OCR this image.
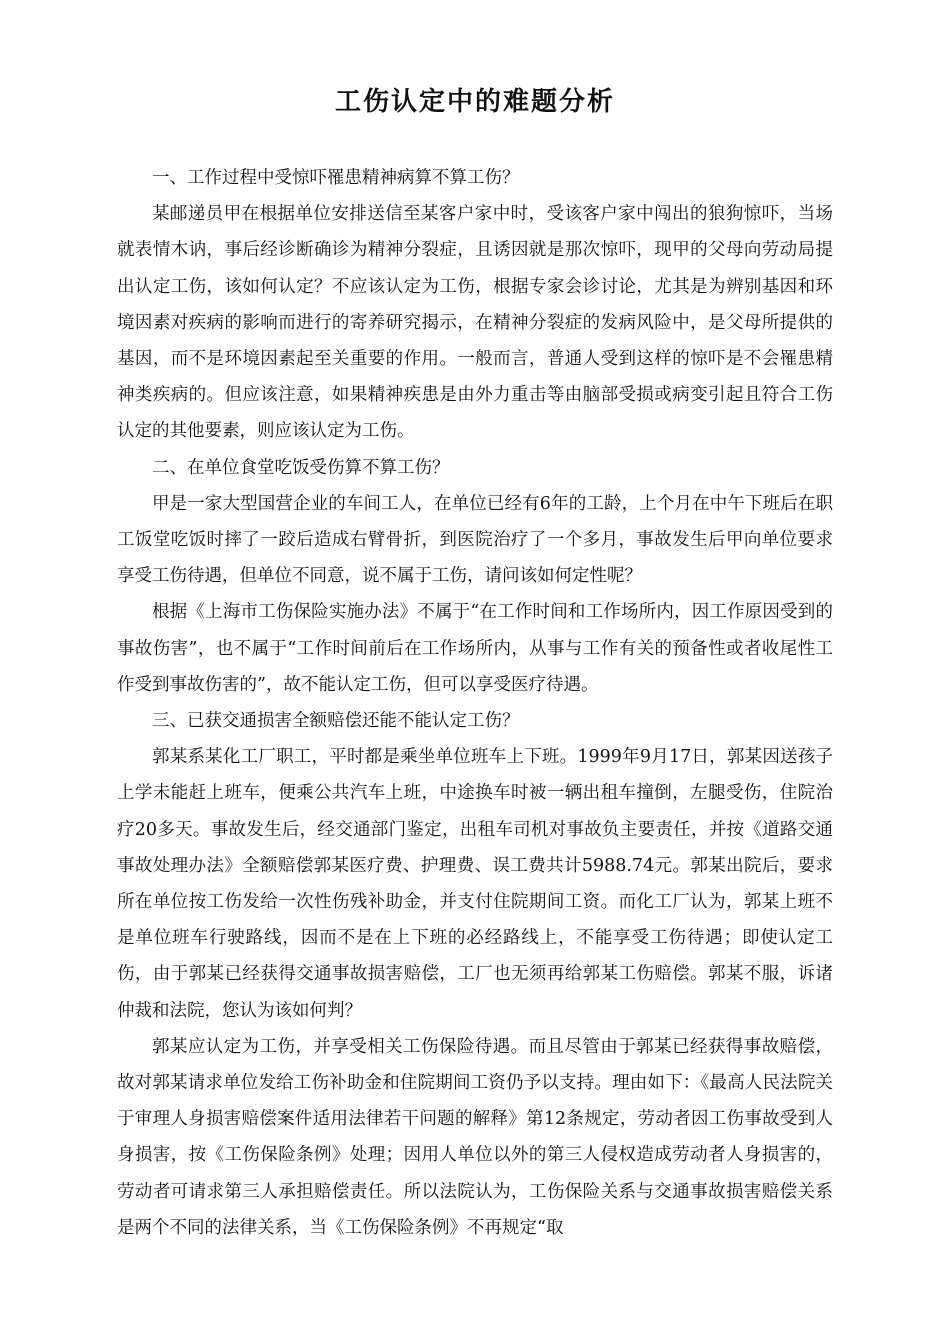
工伤认定中的难题分析

一、工作过程中受惊吓罹患精神病算不算工伤？

某邮递员甲在根据单位安排送信至某客户家中时，受该客户家中闯出的狼狗惊吓，当场就表情木讷，事后经诊断确诊为精神分裂症，且诱因就是那次惊吓，现甲的父母向劳动局提出认定工伤，该如何认定？不应该认定为工伤，根据专家会诊讨论，尤其是为辨别基因和环境因素对疾病的影响而进行的寄养研究揭示，在精神分裂症的发病风险中，是父母所提供的基因，而不是环境因素起至关重要的作用。一般而言，普通人受到这样的惊吓是不会罹患精神类疾病的。但应该注意，如果精神疾患是由外力重击等由脑部受损或病变引起且符合工伤认定的其他要素，则应该认定为工伤。

二、在单位食堂吃饭受伤算不算工伤？

甲是一家大型国营企业的车间工人，在单位已经有6年的工龄，上个月在中午下班后在职工饭堂吃饭时摔了一跤后造成右臂骨折，到医院治疗了一个多月，事故发生后甲向单位要求享受工伤待遇，但单位不同意，说不属于工伤，请问该如何定性呢？

根据《上海市工伤保险实施办法》不属于“在工作时间和工作场所内，因工作原因受到的事故伤害”，也不属于“工作时间前后在工作场所内，从事与工作有关的预备性或者收尾性工作受到事故伤害的”，故不能认定工伤，但可以享受医疗待遇。

三、已获交通损害全额赔偿还能不能认定工伤？

郭某系某化工厂职工，平时都是乘坐单位班车上下班。1999年9月17日，郭某因送孩子上学未能赶上班车，便乘公共汽车上班，中途换车时被一辆出租车撞倒，左腿受伤，住院治疗20多天。事故发生后，经交通部门鉴定，出租车司机对事故负主要责任，并按《道路交通事故处理办法》全额赔偿郭某医疗费、护理费、误工费共计5988.74元。郭某出院后，要求所在单位按工伤发给一次性伤残补助金，并支付住院期间工资。而化工厂认为，郭某上班不是单位班车行驶路线，因而不是在上下班的必经路线上，不能享受工伤待遇；即使认定工伤，由于郭某已经获得交通事故损害赔偿，工厂也无须再给郭某工伤赔偿。郭某不服，诉诸仲裁和法院，您认为该如何判？

郭某应认定为工伤，并享受相关工伤保险待遇。而且尽管由于郭某已经获得事故赔偿，故对郭某请求单位发给工伤补助金和住院期间工资仍予以支持。理由如下：《最高人民法院关于审理人身损害赔偿案件适用法律若干问题的解释》第12条规定，劳动者因工伤事故受到人身损害，按《工伤保险条例》处理；因用人单位以外的第三人侵权造成劳动者人身损害的，劳动者可请求第三人承担赔偿责任。所以法院认为，工伤保险关系与交通事故损害赔偿关系是两个不同的法律关系，当《工伤保险条例》不再规定“取
